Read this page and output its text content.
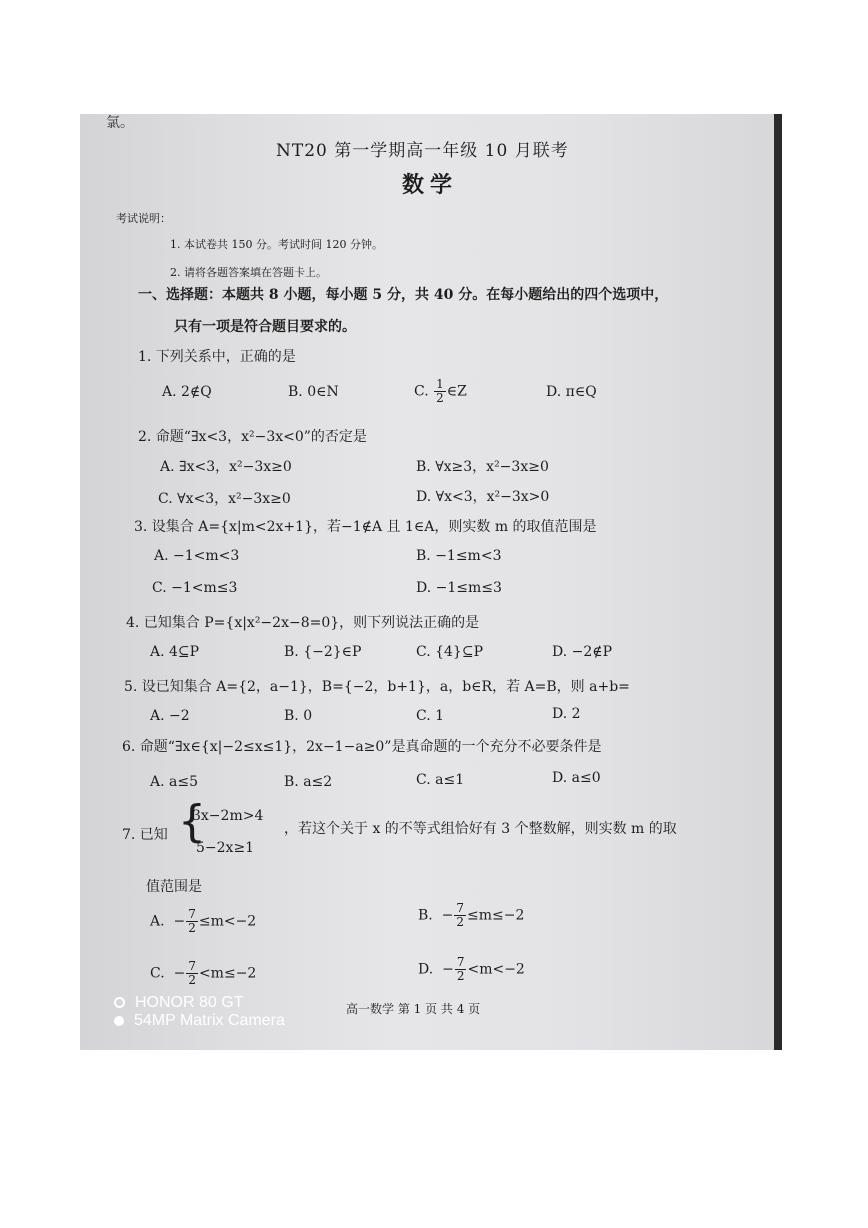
氯。
NT20 第一学期高一年级 10 月联考
数学
考试说明：
1. 本试卷共 150 分。考试时间 120 分钟。
2. 请将各题答案填在答题卡上。
一、选择题：本题共 8 小题，每小题 5 分，共 40 分。在每小题给出的四个选项中，
只有一项是符合题目要求的。
1. 下列关系中，正确的是
A. 2∉Q	B. 0∈N	C. $\frac{1}{2}$ ∈Z	D. π∈Q
2. 命题“∃x<3，x²−3x<0”的否定是
A. ∃x<3，x²−3x≥0	B. ∀x≥3，x²−3x≥0
C. ∀x<3，x²−3x≥0	D. ∀x<3，x²−3x>0
3. 设集合 A={x|m<2x+1}，若−1∉A 且 1∈A，则实数 m 的取值范围是
A. −1<m<3	B. −1≤m<3
C. −1<m≤3	D. −1≤m≤3
4. 已知集合 P={x|x²−2x−8=0}，则下列说法正确的是
A. 4⊆P	B. {−2}∈P	C. {4}⊆P	D. −2∉P
5. 设已知集合 A={2，a−1}，B={−2，b+1}，a，b∈R，若 A=B，则 a+b=
A. −2	B. 0	C. 1	D. 2
6. 命题“∃x∈{x|−2≤x≤1}，2x−1−a≥0”是真命题的一个充分不必要条件是
A. a≤5	B. a≤2	C. a≤1	D. a≤0
7. 已知 {
3x−2m>4
5−2x≥1
，若这个关于 x 的不等式组恰好有 3 个整数解，则实数 m 的取
值范围是
A. − $\frac{7}{2} \le m<-2$	B. − $\frac{7}{2} \le m\le-2$
C. − $\frac{7}{2} <m\le-2$	D. − $\frac{7}{2} <m<-2$
高一数学 第 1 页 共 4 页
HONOR 80 GT
54MP Matrix Camera
